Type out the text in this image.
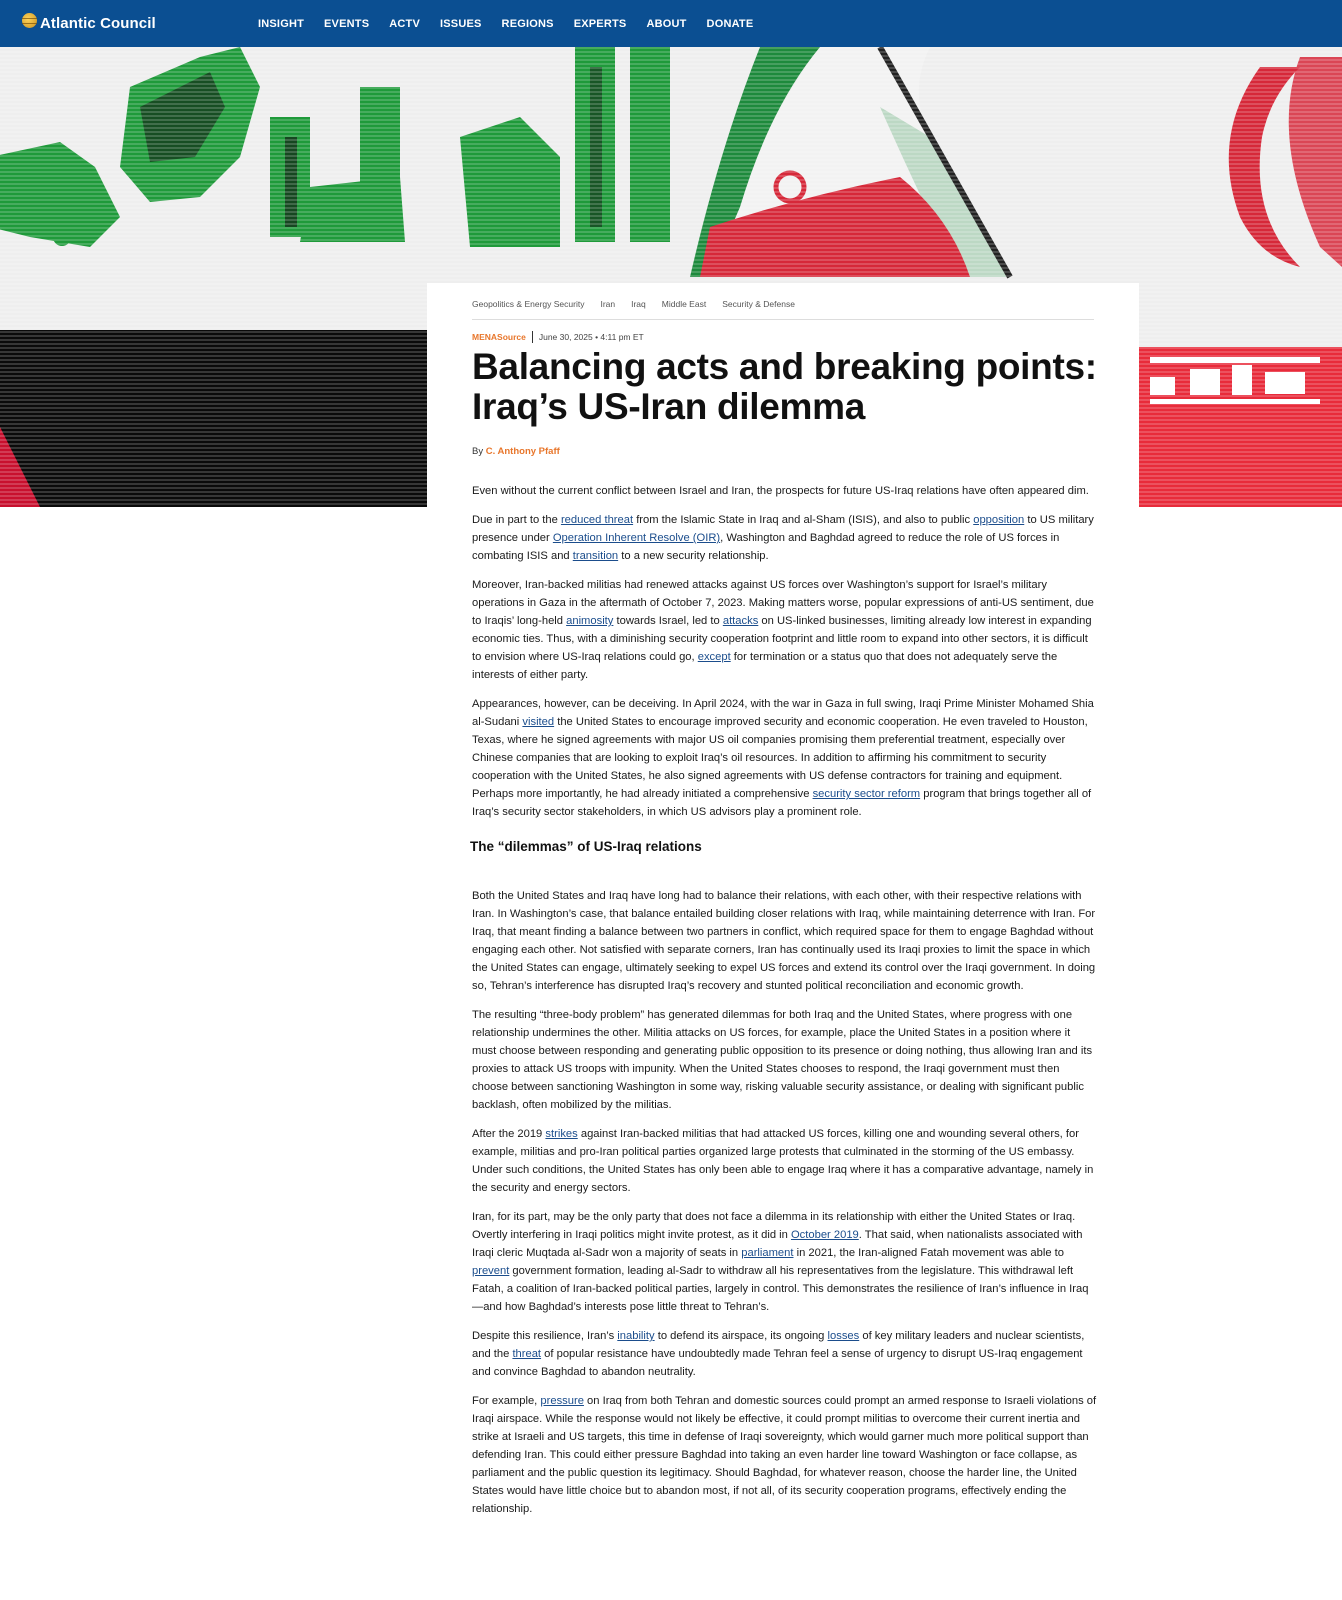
Atlantic Council	INSIGHT EVENTS ACTV ISSUES REGIONS EXPERTS ABOUT DONATE
Geopolitics & Energy Security Iran Iraq Middle East Security & Defense
MENASource June 30, 2025 • 4:11 pm ET
Balancing acts and breaking points: Iraq’s US-Iran dilemma
By C. Anthony Pfaff

Even without the current conflict between Israel and Iran, the prospects for future US-Iraq relations have often appeared dim.

Due in part to the reduced threat from the Islamic State in Iraq and al-Sham (ISIS), and also to public opposition to US military presence under Operation Inherent Resolve (OIR), Washington and Baghdad agreed to reduce the role of US forces in combating ISIS and transition to a new security relationship.

Moreover, Iran-backed militias had renewed attacks against US forces over Washington’s support for Israel’s military operations in Gaza in the aftermath of October 7, 2023. Making matters worse, popular expressions of anti-US sentiment, due to Iraqis’ long-held animosity towards Israel, led to attacks on US-linked businesses, limiting already low interest in expanding economic ties. Thus, with a diminishing security cooperation footprint and little room to expand into other sectors, it is difficult to envision where US-Iraq relations could go, except for termination or a status quo that does not adequately serve the interests of either party.

Appearances, however, can be deceiving. In April 2024, with the war in Gaza in full swing, Iraqi Prime Minister Mohamed Shia al-Sudani visited the United States to encourage improved security and economic cooperation. He even traveled to Houston, Texas, where he signed agreements with major US oil companies promising them preferential treatment, especially over Chinese companies that are looking to exploit Iraq’s oil resources. In addition to affirming his commitment to security cooperation with the United States, he also signed agreements with US defense contractors for training and equipment. Perhaps more importantly, he had already initiated a comprehensive security sector reform program that brings together all of Iraq’s security sector stakeholders, in which US advisors play a prominent role.

The “dilemmas” of US-Iraq relations

Both the United States and Iraq have long had to balance their relations, with each other, with their respective relations with Iran. In Washington’s case, that balance entailed building closer relations with Iraq, while maintaining deterrence with Iran. For Iraq, that meant finding a balance between two partners in conflict, which required space for them to engage Baghdad without engaging each other. Not satisfied with separate corners, Iran has continually used its Iraqi proxies to limit the space in which the United States can engage, ultimately seeking to expel US forces and extend its control over the Iraqi government. In doing so, Tehran’s interference has disrupted Iraq’s recovery and stunted political reconciliation and economic growth.

The resulting “three-body problem” has generated dilemmas for both Iraq and the United States, where progress with one relationship undermines the other. Militia attacks on US forces, for example, place the United States in a position where it must choose between responding and generating public opposition to its presence or doing nothing, thus allowing Iran and its proxies to attack US troops with impunity. When the United States chooses to respond, the Iraqi government must then choose between sanctioning Washington in some way, risking valuable security assistance, or dealing with significant public backlash, often mobilized by the militias.

After the 2019 strikes against Iran-backed militias that had attacked US forces, killing one and wounding several others, for example, militias and pro-Iran political parties organized large protests that culminated in the storming of the US embassy. Under such conditions, the United States has only been able to engage Iraq where it has a comparative advantage, namely in the security and energy sectors.

Iran, for its part, may be the only party that does not face a dilemma in its relationship with either the United States or Iraq. Overtly interfering in Iraqi politics might invite protest, as it did in October 2019. That said, when nationalists associated with Iraqi cleric Muqtada al-Sadr won a majority of seats in parliament in 2021, the Iran-aligned Fatah movement was able to prevent government formation, leading al-Sadr to withdraw all his representatives from the legislature. This withdrawal left Fatah, a coalition of Iran-backed political parties, largely in control. This demonstrates the resilience of Iran’s influence in Iraq—and how Baghdad’s interests pose little threat to Tehran’s.

Despite this resilience, Iran’s inability to defend its airspace, its ongoing losses of key military leaders and nuclear scientists, and the threat of popular resistance have undoubtedly made Tehran feel a sense of urgency to disrupt US-Iraq engagement and convince Baghdad to abandon neutrality.

For example, pressure on Iraq from both Tehran and domestic sources could prompt an armed response to Israeli violations of Iraqi airspace. While the response would not likely be effective, it could prompt militias to overcome their current inertia and strike at Israeli and US targets, this time in defense of Iraqi sovereignty, which would garner much more political support than defending Iran. This could either pressure Baghdad into taking an even harder line toward Washington or face collapse, as parliament and the public question its legitimacy. Should Baghdad, for whatever reason, choose the harder line, the United States would have little choice but to abandon most, if not all, of its security cooperation programs, effectively ending the relationship.
